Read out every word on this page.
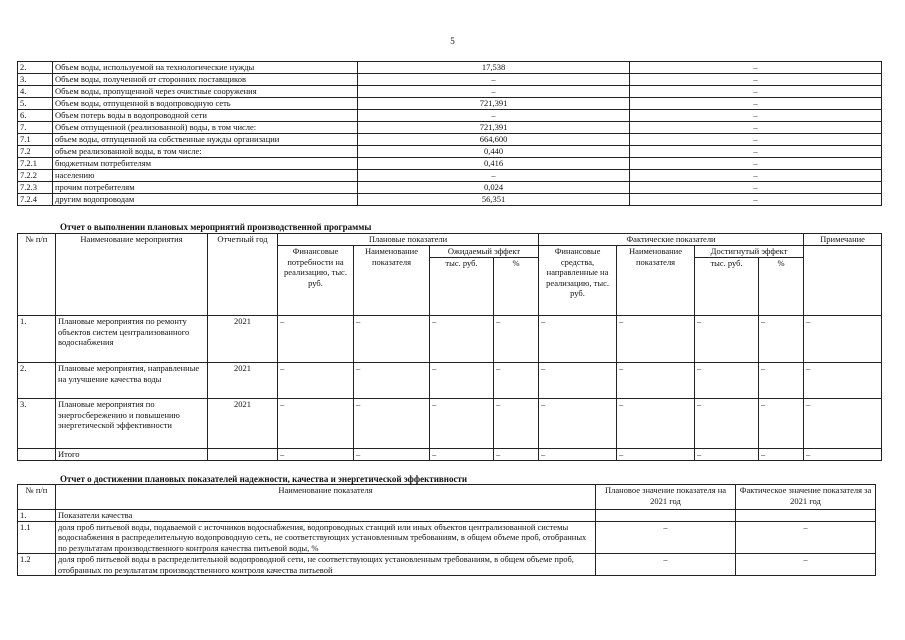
5
2.	Объем воды, используемой на технологические нужды	17,538	–
3.	Объем воды, полученной от сторонних поставщиков	–	–
4.	Объем воды, пропущенной через очистные сооружения	–	–
5.	Объем воды, отпущенной в водопроводную сеть	721,391	–
6.	Объем потерь воды в водопроводной сети	–	–
7.	Объем отпущенной (реализованной) воды, в том числе:	721,391	–
7.1	объем воды, отпущенной на собственные нужды организации	664,600	–
7.2	объем реализованной воды, в том числе:	0,440	–
7.2.1	бюджетным потребителям	0,416	–
7.2.2	населению	–	–
7.2.3	прочим потребителям	0,024	–
7.2.4	другим водопроводам	56,351	–
Отчет о выполнении плановых мероприятий производственной программы
№ п/п	Наименование мероприятия	Отчетный год	Плановые показатели				Фактические показатели				Примечание
			Финансовые потребности на реализацию, тыс. руб.	Наименование показателя	Ожидаемый эффект		Финансовые средства, направленные на реализацию, тыс. руб.	Наименование показателя	Достигнутый эффект		
					тыс. руб.	%			тыс. руб.	%	
1.	Плановые мероприятия по ремонту объектов систем централизованного водоснабжения	2021	–	–	–	–	–	–	–	–	–
2.	Плановые мероприятия, направленные на улучшение качества воды	2021	–	–	–	–	–	–	–	–	–
3.	Плановые мероприятия по энергосбережению и повышению энергетической эффективности	2021	–	–	–	–	–	–	–	–	–
	Итого		–	–	–	–	–	–	–	–	–
Отчет о достижении плановых показателей надежности, качества и энергетической эффективности
№ п/п	Наименование показателя	Плановое значение показателя на 2021 год	Фактическое значение показателя за 2021 год
1.	Показатели качества		
1.1	доля проб питьевой воды, подаваемой с источников водоснабжения, водопроводных станций или иных объектов централизованной системы водоснабжения в распределительную водопроводную сеть, не соответствующих установленным требованиям, в общем объеме проб, отобранных по результатам производственного контроля качества питьевой воды, %	–	–
1.2	доля проб питьевой воды в распределительной водопроводной сети, не соответствующих установленным требованиям, в общем объеме проб, отобранных по результатам производственного контроля качества питьевой	–	–
